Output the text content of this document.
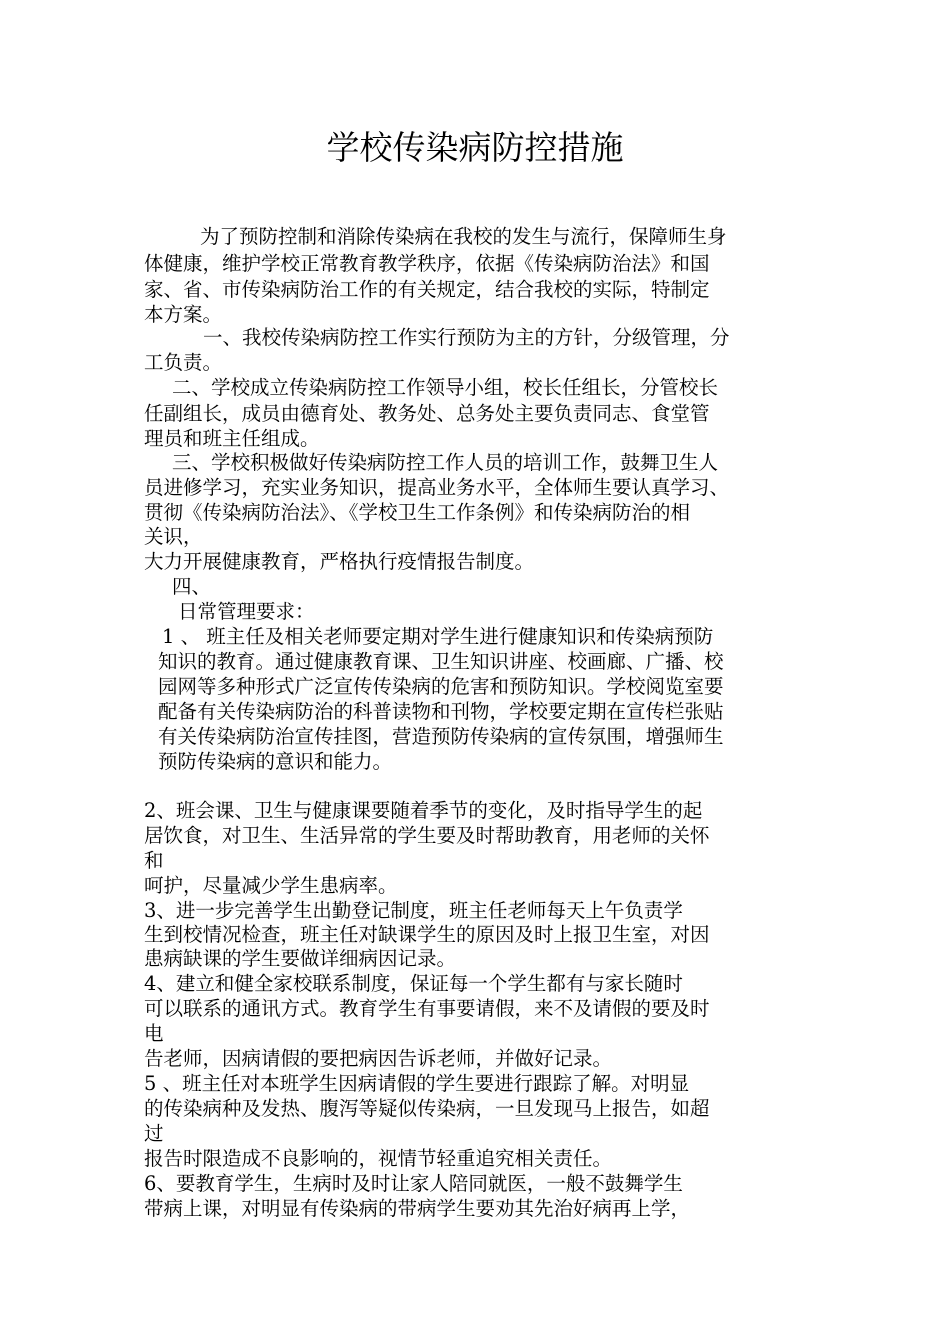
学校传染病防控措施
为了预防控制和消除传染病在我校的发生与流行，保障师生身
体健康，维护学校正常教育教学秩序，依据《传染病防治法》和国
家、省、市传染病防治工作的有关规定，结合我校的实际，特制定
本方案。
一、我校传染病防控工作实行预防为主的方针，分级管理，分
工负责。
二、学校成立传染病防控工作领导小组，校长任组长，分管校长
任副组长，成员由德育处、教务处、总务处主要负责同志、食堂管
理员和班主任组成。
三、学校积极做好传染病防控工作人员的培训工作，鼓舞卫生人
员进修学习，充实业务知识，提高业务水平，全体师生要认真学习、
贯彻《传染病防治法》、《学校卫生工作条例》和传染病防治的相
关识，
大力开展健康教育，严格执行疫情报告制度。
四、
日常管理要求：
1 、 班主任及相关老师要定期对学生进行健康知识和传染病预防
知识的教育。通过健康教育课、卫生知识讲座、校画廊、广播、校
园网等多种形式广泛宣传传染病的危害和预防知识。学校阅览室要
配备有关传染病防治的科普读物和刊物，学校要定期在宣传栏张贴
有关传染病防治宣传挂图，营造预防传染病的宣传氛围，增强师生
预防传染病的意识和能力。
2、班会课、卫生与健康课要随着季节的变化，及时指导学生的起
居饮食，对卫生、生活异常的学生要及时帮助教育，用老师的关怀
和
呵护，尽量减少学生患病率。
3、进一步完善学生出勤登记制度，班主任老师每天上午负责学
生到校情况检查，班主任对缺课学生的原因及时上报卫生室，对因
患病缺课的学生要做详细病因记录。
4、建立和健全家校联系制度，保证每一个学生都有与家长随时
可以联系的通讯方式。教育学生有事要请假，来不及请假的要及时
电
告老师，因病请假的要把病因告诉老师，并做好记录。
5 、班主任对本班学生因病请假的学生要进行跟踪了解。对明显
的传染病种及发热、腹泻等疑似传染病，一旦发现马上报告，如超
过
报告时限造成不良影响的，视情节轻重追究相关责任。
6、要教育学生，生病时及时让家人陪同就医，一般不鼓舞学生
带病上课，对明显有传染病的带病学生要劝其先治好病再上学，
